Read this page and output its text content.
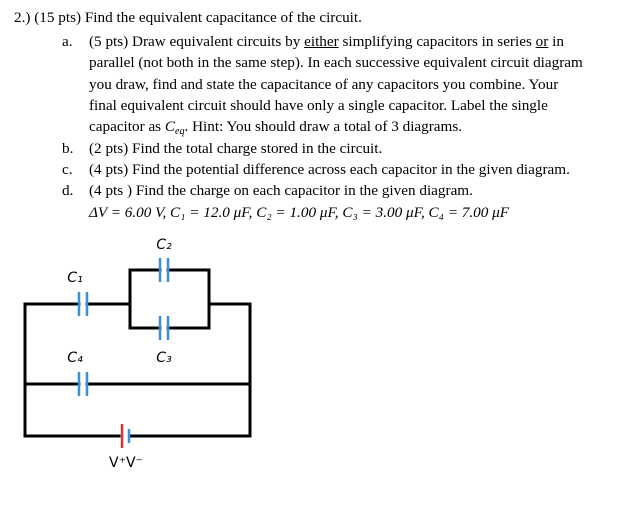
2.) (15 pts) Find the equivalent capacitance of the circuit.
a. (5 pts) Draw equivalent circuits by either simplifying capacitors in series or in
parallel (not both in the same step). In each successive equivalent circuit diagram
you draw, find and state the capacitance of any capacitors you combine. Your
final equivalent circuit should have only a single capacitor. Label the single
capacitor as $C_{eq}$. Hint: You should draw a total of 3 diagrams.
b. (2 pts) Find the total charge stored in the circuit.
c. (4 pts) Find the potential difference across each capacitor in the given diagram.
d. (4 pts ) Find the charge on each capacitor in the given diagram.
ΔV = 6.00 V, C₁ = 12.0 μF, C₂ = 1.00 μF, C₃ = 3.00 μF, C₄ = 7.00 μF
C₁
C₂
C₃
C₄
V⁺V⁻
